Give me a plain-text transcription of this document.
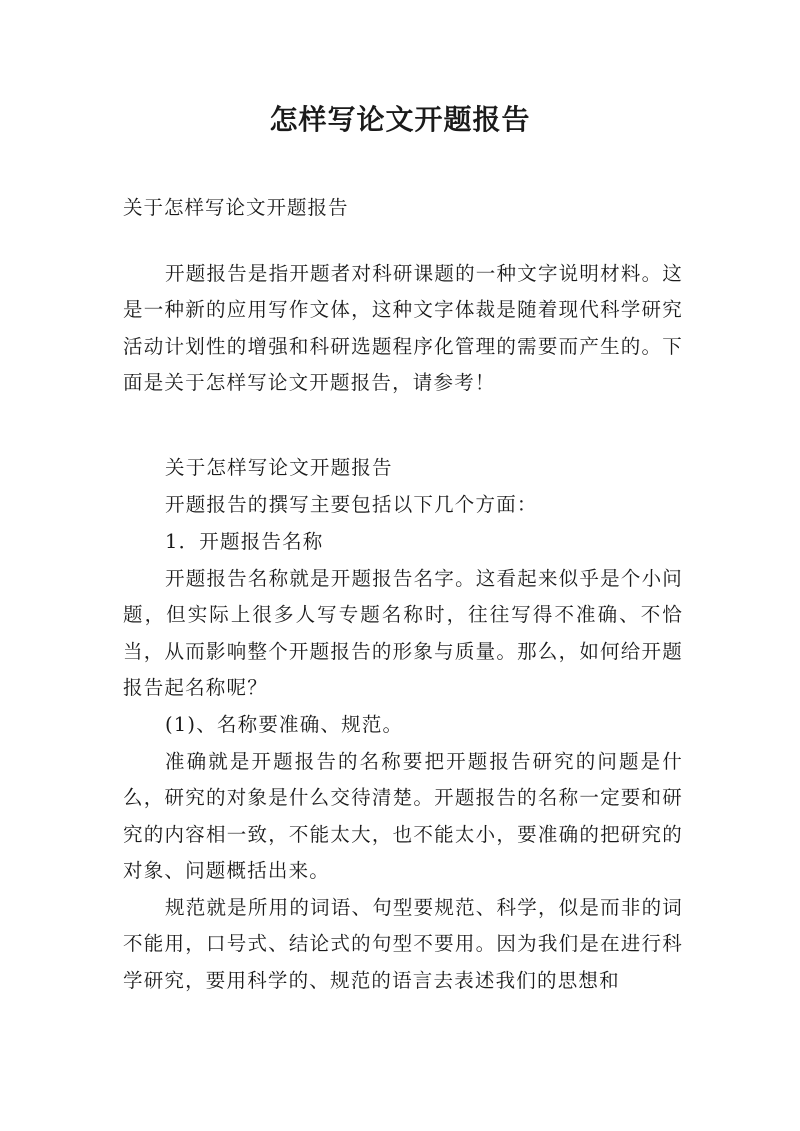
怎样写论文开题报告
关于怎样写论文开题报告

开题报告是指开题者对科研课题的一种文字说明材料。这是一种新的应用写作文体，这种文字体裁是随着现代科学研究活动计划性的增强和科研选题程序化管理的需要而产生的。下面是关于怎样写论文开题报告，请参考！

关于怎样写论文开题报告
开题报告的撰写主要包括以下几个方面：
1．开题报告名称

开题报告名称就是开题报告名字。这看起来似乎是个小问题，但实际上很多人写专题名称时，往往写得不准确、不恰当，从而影响整个开题报告的形象与质量。那么，如何给开题报告起名称呢？

(1)、名称要准确、规范。

准确就是开题报告的名称要把开题报告研究的问题是什么，研究的对象是什么交待清楚。开题报告的名称一定要和研究的内容相一致，不能太大，也不能太小，要准确的把研究的对象、问题概括出来。

规范就是所用的词语、句型要规范、科学，似是而非的词不能用，口号式、结论式的句型不要用。因为我们是在进行科学研究，要用科学的、规范的语言去表述我们的思想和
